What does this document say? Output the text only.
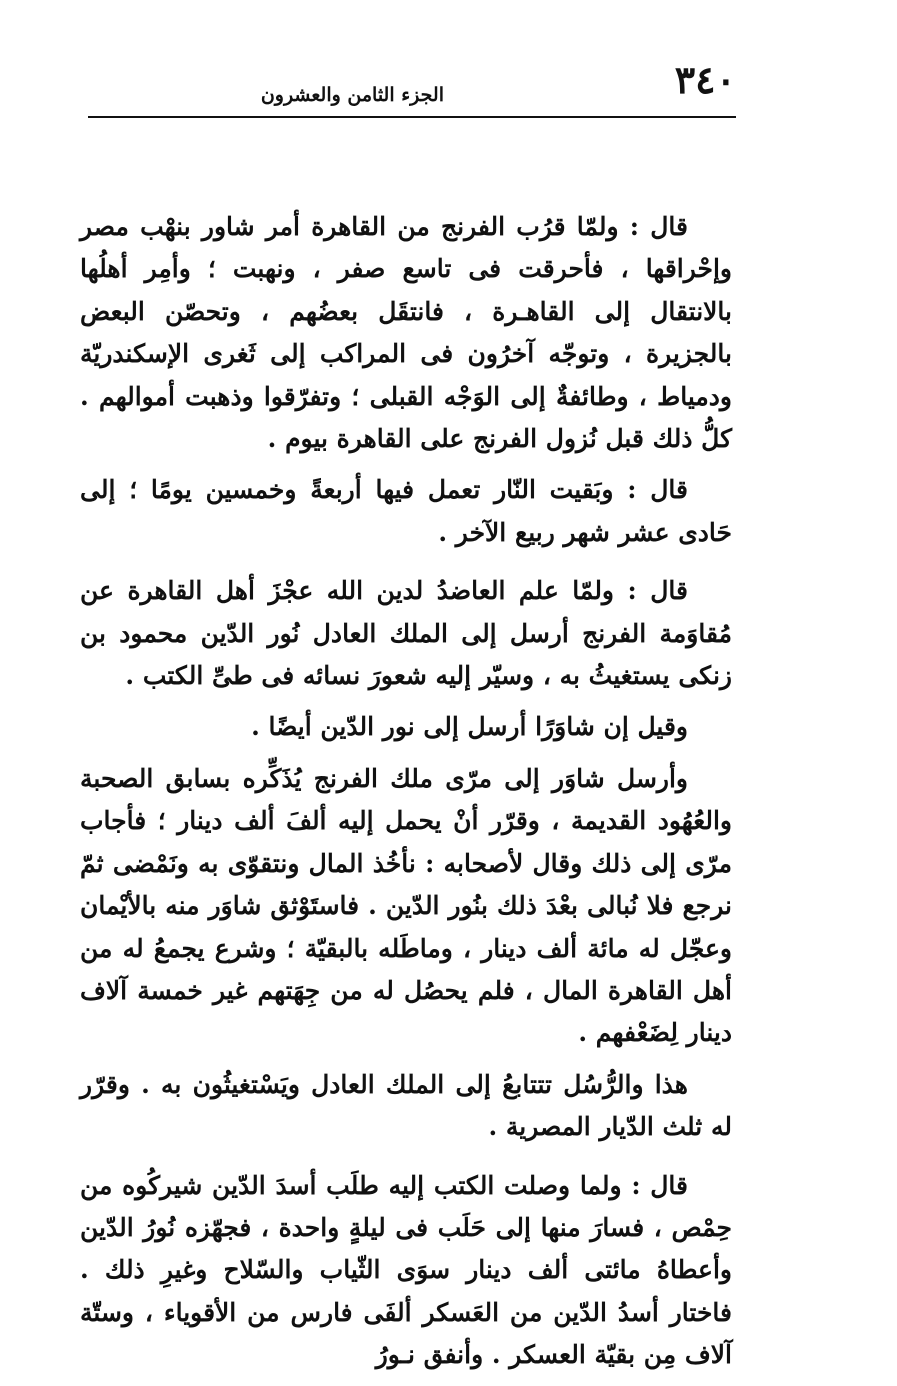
٣٤٠
الجزء الثامن والعشرون

قال : ولمّا قرُب الفرنج من القاهرة أمر شاور بنهْب مصر وإحْراقها ، فأحرقت فى تاسع صفر ، ونهبت ؛ وأمِر أهلُها بالانتقال إلى القاهـرة ، فانتقَل بعضُهم ، وتحصّن البعض بالجزيرة ، وتوجّه آخرُون فى المراكب إلى ثَغرى الإسكندريّة ودمياط ، وطائفةٌ إلى الوَجْه القبلى ؛ وتفرّقوا وذهبت أموالهم . كلُّ ذلك قبل نُزول الفرنج على القاهرة بيوم .

قال : وبَقيت النّار تعمل فيها أربعةً وخمسين يومًا ؛ إلى حَادى عشر شهر ربيع الآخر .

قال : ولمّا علم العاضدُ لدين الله عجْزَ أهل القاهرة عن مُقاوَمة الفرنج أرسل إلى الملك العادل نُور الدّين محمود بن زنكى يستغيثُ به ، وسيّر إليه شعورَ نسائه فى طىِّ الكتب .

وقيل إن شاوَرًا أرسل إلى نور الدّين أيضًا .

وأرسل شاوَر إلى مرّى ملك الفرنج يُذَكِّره بسابق الصحبة والعُهُود القديمة ، وقرّر أنْ يحمل إليه ألفَ ألف دينار ؛ فأجاب مرّى إلى ذلك وقال لأصحابه : نأخُذ المال ونتقوّى به ونَمْضى ثمّ نرجع فلا نُبالى بعْدَ ذلك بنُور الدّين . فاستَوْثق شاوَر منه بالأيْمان وعجّل له مائة ألف دينار ، وماطَله بالبقيّة ؛ وشرع يجمعُ له من أهل القاهرة المال ، فلم يحصُل له من جِهَتهم غير خمسة آلاف دينار لِضَعْفهم .

هذا والرُّسُل تتتابعُ إلى الملك العادل ويَسْتغيثُون به . وقرّر له ثلث الدّيار المصرية .

قال : ولما وصلت الكتب إليه طلَب أسدَ الدّين شيركُوه من حِمْص ، فسارَ منها إلى حَلَب فى ليلةٍ واحدة ، فجهّزه نُورُ الدّين وأعطاهُ مائتى ألف دينار سوَى الثّياب والسّلاح وغيرِ ذلك . فاختار أسدُ الدّين من العَسكر ألفَى فارس من الأقوياء ، وستّة آلاف مِن بقيّة العسكر . وأنفق نـورُ
